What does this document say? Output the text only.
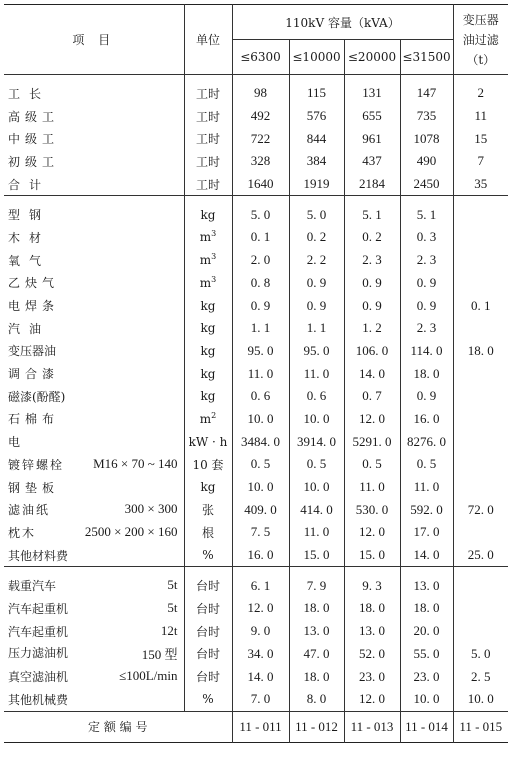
项 目	单位	110kV 容量（kVA）				变压器
油过滤
（t）
		≤6300	≤10000	≤20000	≤31500	

工长	工时	98	115	131	147	2
高级工	工时	492	576	655	735	11
中级工	工时	722	844	961	1078	15
初级工	工时	328	384	437	490	7
合计	工时	1640	1919	2184	2450	35

型钢	kg	5. 0	5. 0	5. 1	5. 1	
木材	$m^3$	0. 1	0. 2	0. 2	0. 3	
氧气	$m^3$	2. 0	2. 2	2. 3	2. 3	
乙炔气	$m^3$	0. 8	0. 9	0. 9	0. 9	
电焊条	kg	0. 9	0. 9	0. 9	0. 9	0. 1
汽油	kg	1. 1	1. 1	1. 2	2. 3	
变压器油	kg	95. 0	95. 0	106. 0	114. 0	18. 0
调合漆	kg	11. 0	11. 0	14. 0	18. 0	
磁漆(酚醛)	kg	0. 6	0. 6	0. 7	0. 9	
石棉布	$m^2$	10. 0	10. 0	12. 0	16. 0	
电	kW · h	3484. 0	3914. 0	5291. 0	8276. 0	
镀锌螺栓 M16 × 70 ~ 140	10 套	0. 5	0. 5	0. 5	0. 5	
钢垫板	kg	10. 0	10. 0	11. 0	11. 0	
滤油纸 300 × 300	张	409. 0	414. 0	530. 0	592. 0	72. 0
枕木 2500 × 200 × 160	根	7. 5	11. 0	12. 0	17. 0	
其他材料费	%	16. 0	15. 0	15. 0	14. 0	25. 0

载重汽车 5t	台时	6. 1	7. 9	9. 3	13. 0	
汽车起重机 5t	台时	12. 0	18. 0	18. 0	18. 0	
汽车起重机 12t	台时	9. 0	13. 0	13. 0	20. 0	
压力滤油机 150 型	台时	34. 0	47. 0	52. 0	55. 0	5. 0
真空滤油机 ≤100L/min	台时	14. 0	18. 0	23. 0	23. 0	2. 5
其他机械费	%	7. 0	8. 0	12. 0	10. 0	10. 0
定 额 编 号		11 - 011	11 - 012	11 - 013	11 - 014	11 - 015
